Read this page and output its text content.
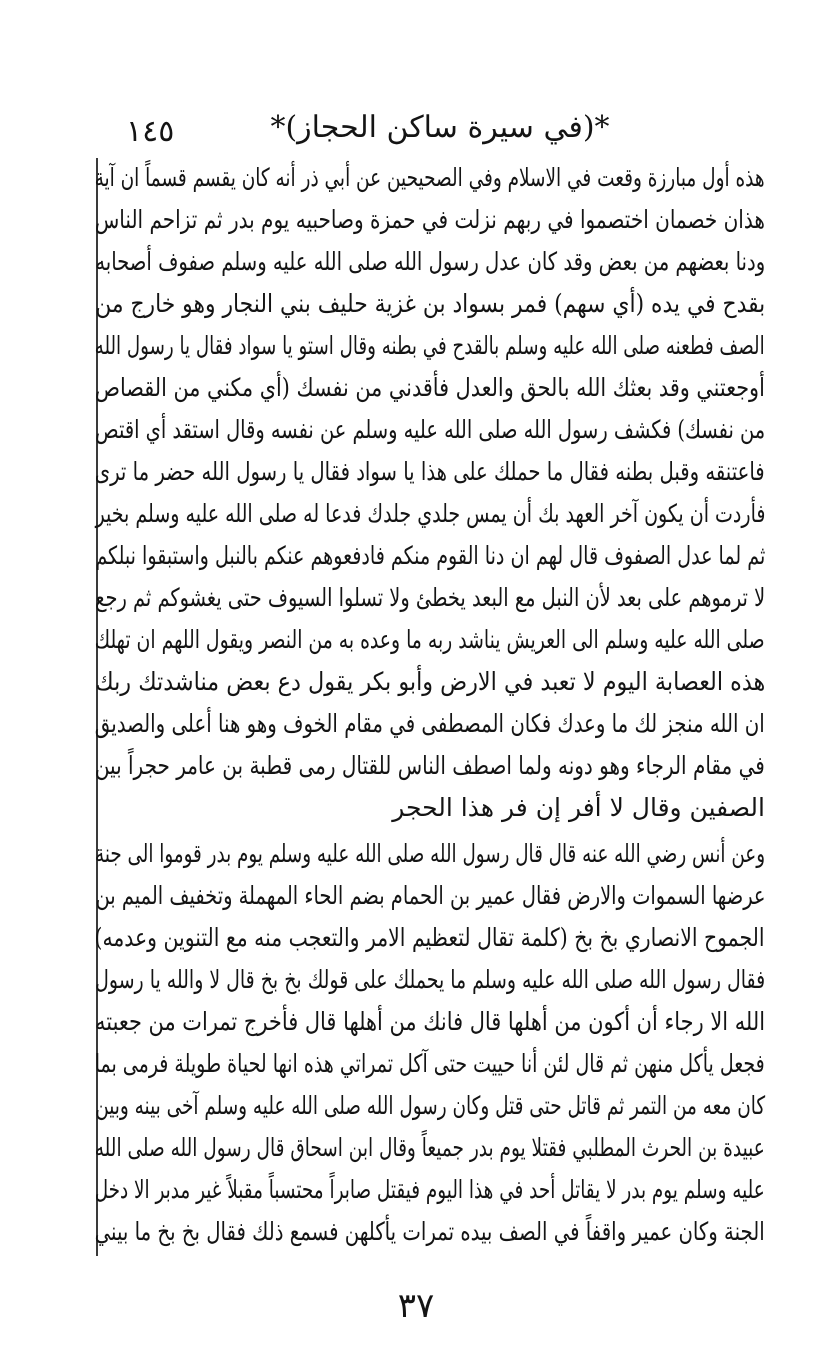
١٤٥	*(في سيرة ساكن الحجاز)*
هذه أول مبارزة وقعت في الاسلام وفي الصحيحين عن أبي ذر أنه كان يقسم قسماً ان آية
هذان خصمان اختصموا في ربهم نزلت في حمزة وصاحبيه يوم بدر ثم تزاحم الناس
ودنا بعضهم من بعض وقد كان عدل رسول الله صلى الله عليه وسلم صفوف أصحابه
بقدح في يده (أي سهم) فمر بسواد بن غزية حليف بني النجار وهو خارج من
الصف فطعنه صلى الله عليه وسلم بالقدح في بطنه وقال استو يا سواد فقال يا رسول الله
أوجعتني وقد بعثك الله بالحق والعدل فأقدني من نفسك (أي مكني من القصاص
من نفسك) فكشف رسول الله صلى الله عليه وسلم عن نفسه وقال استقد أي اقتص
فاعتنقه وقبل بطنه فقال ما حملك على هذا يا سواد فقال يا رسول الله حضر ما ترى
فأردت أن يكون آخر العهد بك أن يمس جلدي جلدك فدعا له صلى الله عليه وسلم بخير
ثم لما عدل الصفوف قال لهم ان دنا القوم منكم فادفعوهم عنكم بالنبل واستبقوا نبلكم
لا ترموهم على بعد لأن النبل مع البعد يخطئ ولا تسلوا السيوف حتى يغشوكم ثم رجع
صلى الله عليه وسلم الى العريش يناشد ربه ما وعده به من النصر ويقول اللهم ان تهلك
هذه العصابة اليوم لا تعبد في الارض وأبو بكر يقول دع بعض مناشدتك ربك
ان الله منجز لك ما وعدك فكان المصطفى في مقام الخوف وهو هنا أعلى والصديق
في مقام الرجاء وهو دونه ولما اصطف الناس للقتال رمى قطبة بن عامر حجراً بين
الصفين وقال لا أفر إن فر هذا الحجر
وعن أنس رضي الله عنه قال قال رسول الله صلى الله عليه وسلم يوم بدر قوموا الى جنة
عرضها السموات والارض فقال عمير بن الحمام بضم الحاء المهملة وتخفيف الميم بن
الجموح الانصاري بخ بخ (كلمة تقال لتعظيم الامر والتعجب منه مع التنوين وعدمه)
فقال رسول الله صلى الله عليه وسلم ما يحملك على قولك بخ بخ قال لا والله يا رسول
الله الا رجاء أن أكون من أهلها قال فانك من أهلها قال فأخرج تمرات من جعبته
فجعل يأكل منهن ثم قال لئن أنا حييت حتى آكل تمراتي هذه انها لحياة طويلة فرمى بما
كان معه من التمر ثم قاتل حتى قتل وكان رسول الله صلى الله عليه وسلم آخى بينه وبين
عبيدة بن الحرث المطلبي فقتلا يوم بدر جميعاً وقال ابن اسحاق قال رسول الله صلى الله
عليه وسلم يوم بدر لا يقاتل أحد في هذا اليوم فيقتل صابراً محتسباً مقبلاً غير مدبر الا دخل
الجنة وكان عمير واقفاً في الصف بيده تمرات يأكلهن فسمع ذلك فقال بخ بخ ما بيني
٣٧
